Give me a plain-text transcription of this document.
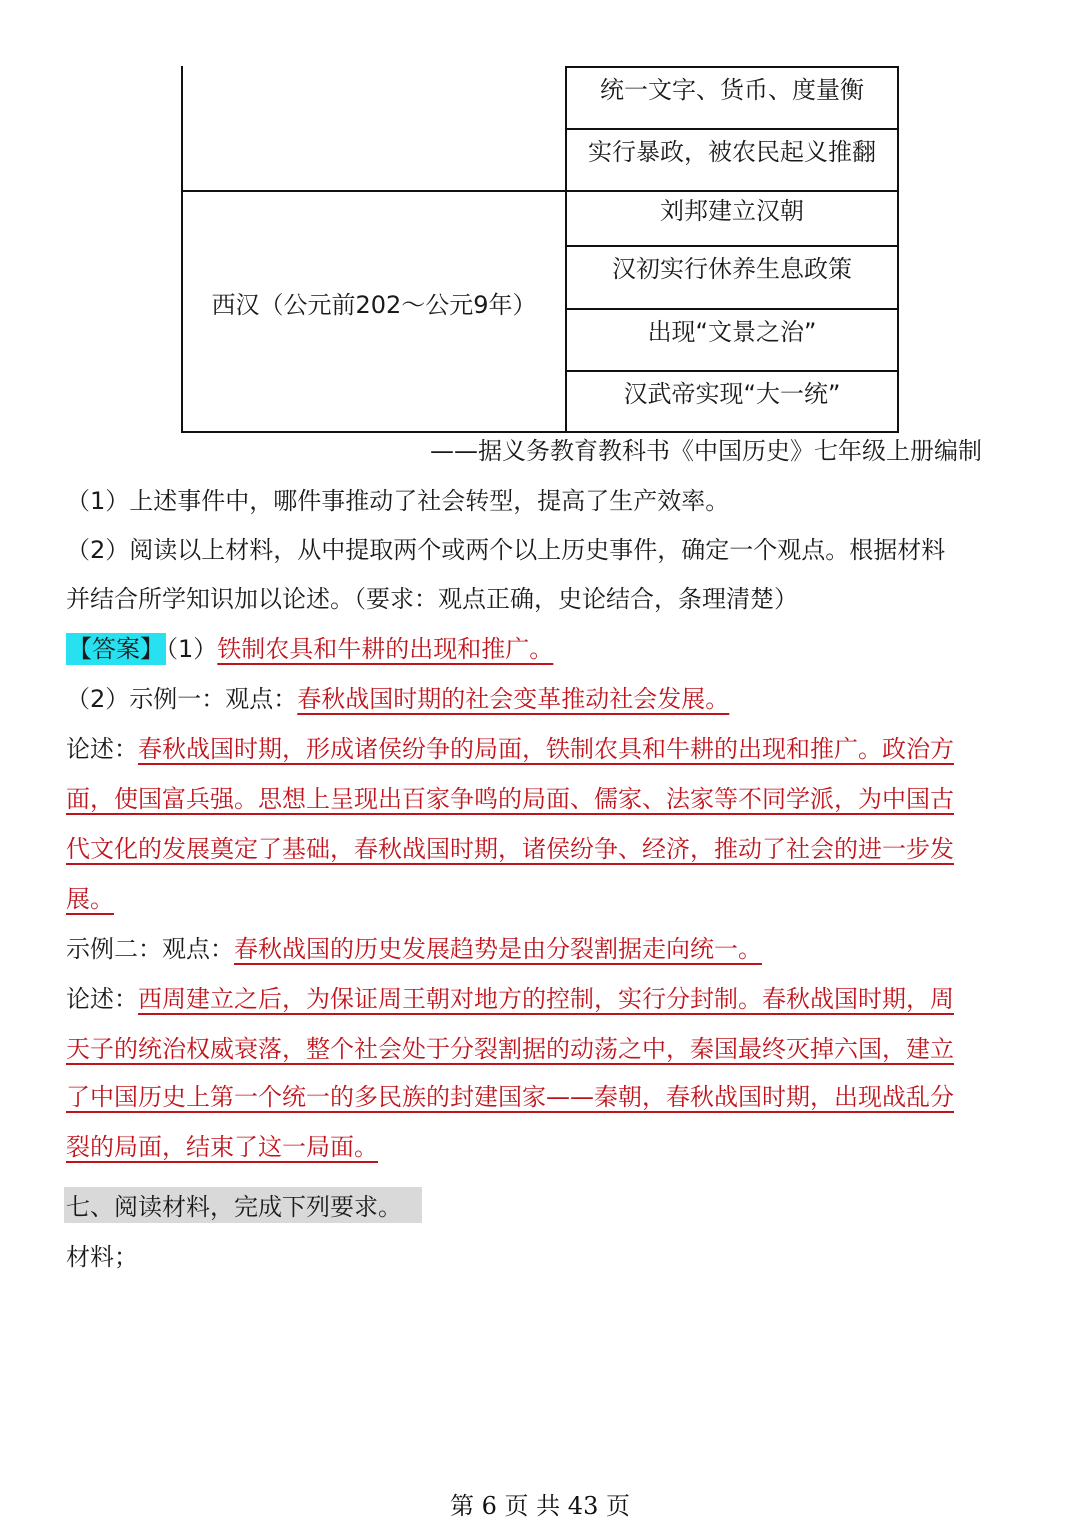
统一文字、货币、度量衡
实行暴政，被农民起义推翻
西汉（公元前202～公元9年）
刘邦建立汉朝
汉初实行休养生息政策
出现“文景之治”
汉武帝实现“大一统”
——据义务教育教科书《中国历史》七年级上册编制
（1）上述事件中，哪件事推动了社会转型，提高了生产效率。
（2）阅读以上材料，从中提取两个或两个以上历史事件，确定一个观点。根据材料
并结合所学知识加以论述。（要求：观点正确，史论结合，条理清楚）
【答案】（1）铁制农具和牛耕的出现和推广。
（2）示例一：观点：春秋战国时期的社会变革推动社会发展。
论述：春秋战国时期，形成诸侯纷争的局面，铁制农具和牛耕的出现和推广。政治方
面，使国富兵强。思想上呈现出百家争鸣的局面、儒家、法家等不同学派，为中国古
代文化的发展奠定了基础，春秋战国时期，诸侯纷争、经济，推动了社会的进一步发
展。
示例二：观点：春秋战国的历史发展趋势是由分裂割据走向统一。
论述：西周建立之后，为保证周王朝对地方的控制，实行分封制。春秋战国时期，周
天子的统治权威衰落，整个社会处于分裂割据的动荡之中，秦国最终灭掉六国，建立
了中国历史上第一个统一的多民族的封建国家——秦朝，春秋战国时期，出现战乱分
裂的局面，结束了这一局面。
七、阅读材料，完成下列要求。
材料；
第 6 页 共 43 页
